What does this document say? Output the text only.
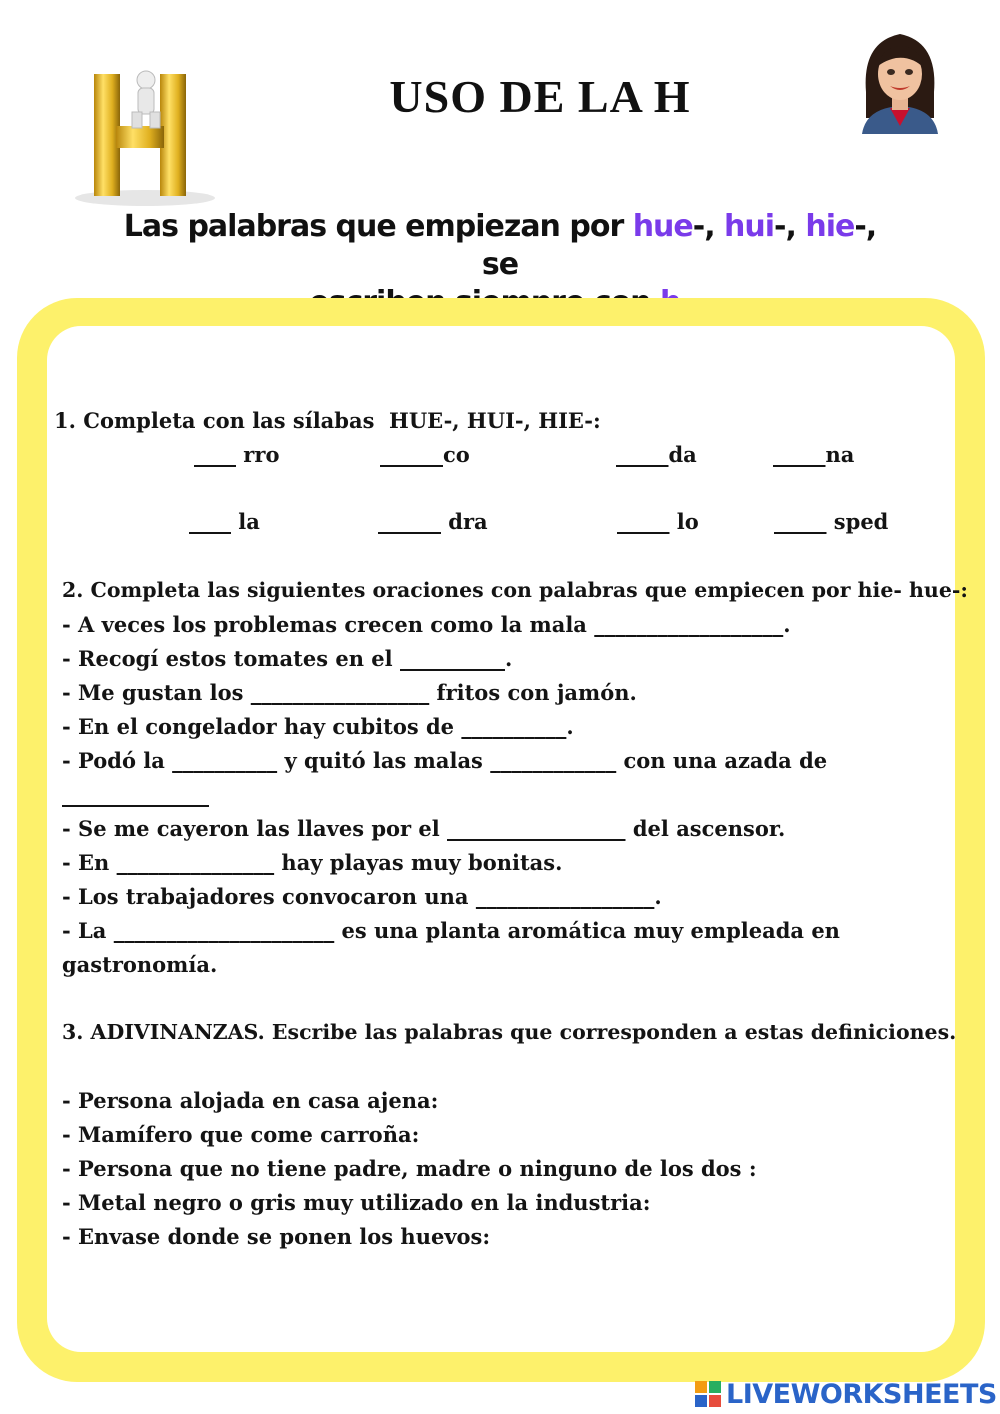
USO DE LA H
Las palabras que empiezan por hue-, hui-, hie-, se

1. Completa con las sílabas  HUE-, HUI-, HIE-:
____ rro	______co	_____da	_____na
____ la	______ dra	_____ lo	_____ sped
2. Completa las siguientes oraciones con palabras que empiecen por hie- hue-:
- A veces los problemas crecen como la mala __________________.
- Recogí estos tomates en el __________.
- Me gustan los _________________ fritos con jamón.
- En el congelador hay cubitos de __________.
- Podó la __________ y quitó las malas ____________ con una azada de
______________
- Se me cayeron las llaves por el _________________ del ascensor.
- En _______________ hay playas muy bonitas.
- Los trabajadores convocaron una _________________.
- La _____________________ es una planta aromática muy empleada en
gastronomía.
3. ADIVINANZAS. Escribe las palabras que corresponden a estas definiciones.
- Persona alojada en casa ajena:
- Mamífero que come carroña:
- Persona que no tiene padre, madre o ninguno de los dos :
- Metal negro o gris muy utilizado en la industria:
- Envase donde se ponen los huevos:
LIVEWORKSHEETS
